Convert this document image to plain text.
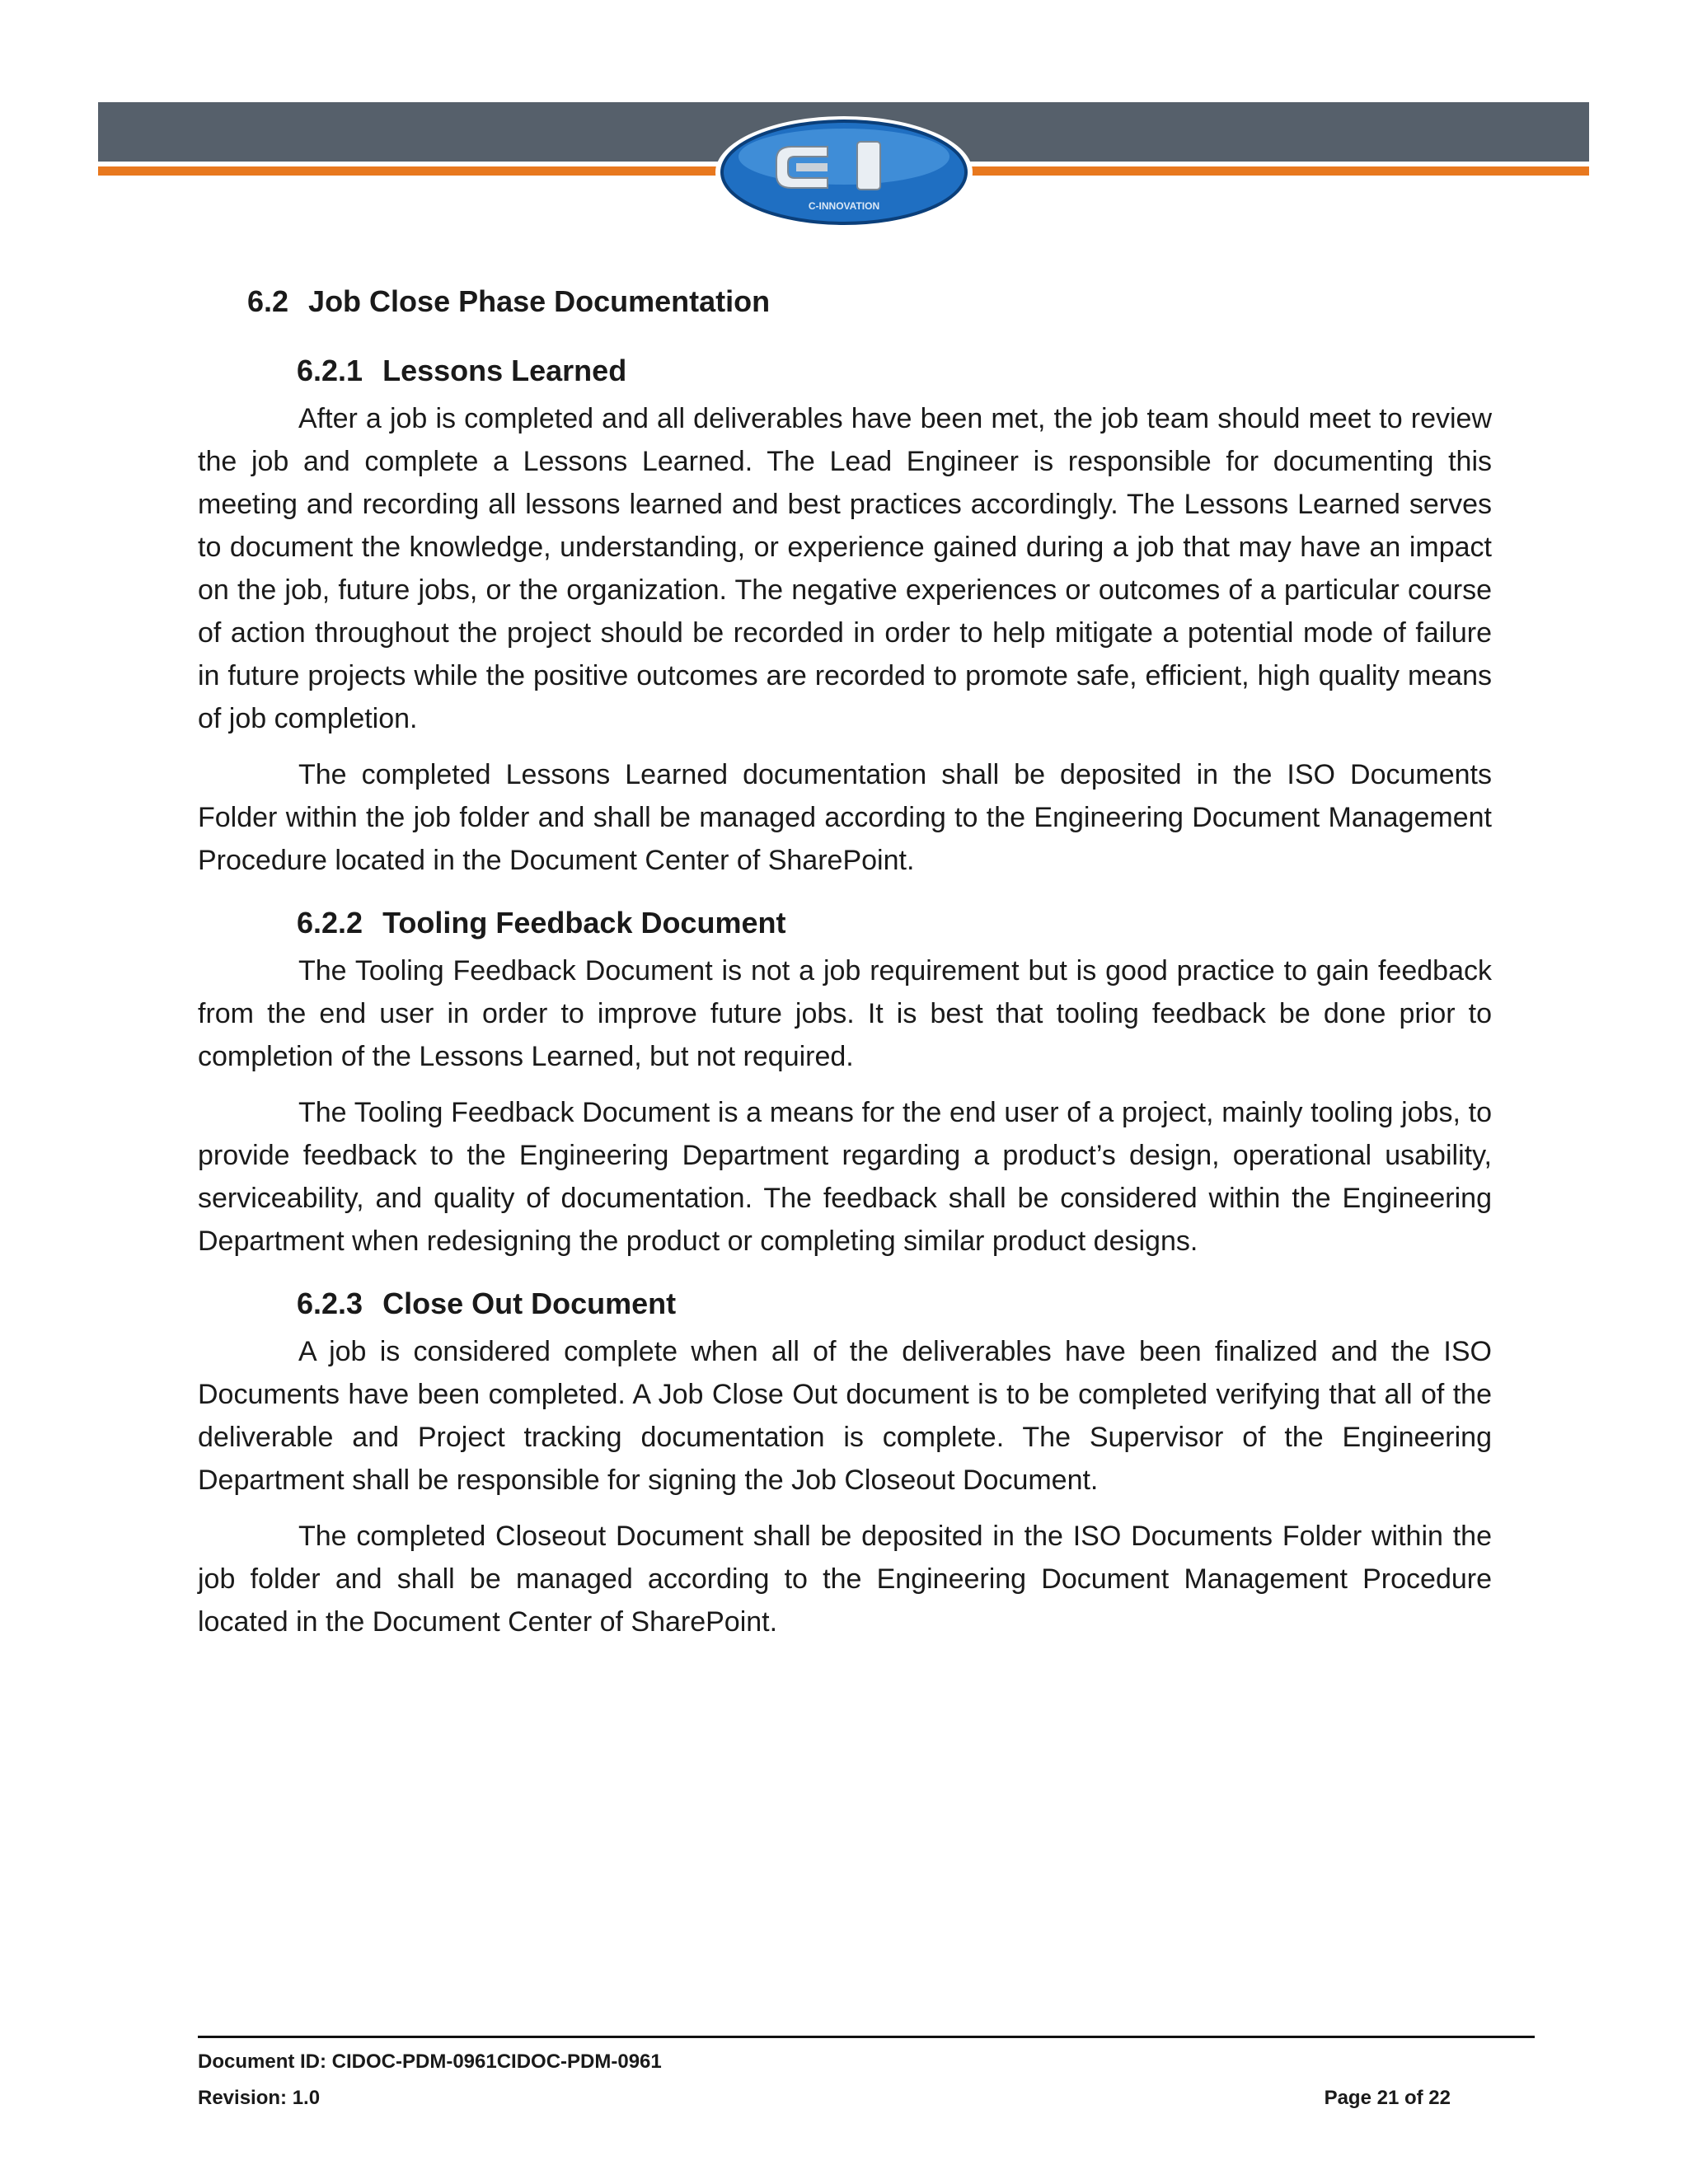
C-INNOVATION
6.2 Job Close Phase Documentation
6.2.1 Lessons Learned

After a job is completed and all deliverables have been met, the job team should meet to review the job and complete a Lessons Learned. The Lead Engineer is responsible for documenting this meeting and recording all lessons learned and best practices accordingly. The Lessons Learned serves to document the knowledge, understanding, or experience gained during a job that may have an impact on the job, future jobs, or the organization. The negative experiences or outcomes of a particular course of action throughout the project should be recorded in order to help mitigate a potential mode of failure in future projects while the positive outcomes are recorded to promote safe, efficient, high quality means of job completion.

The completed Lessons Learned documentation shall be deposited in the ISO Documents Folder within the job folder and shall be managed according to the Engineering Document Management Procedure located in the Document Center of SharePoint.

6.2.2 Tooling Feedback Document

The Tooling Feedback Document is not a job requirement but is good practice to gain feedback from the end user in order to improve future jobs. It is best that tooling feedback be done prior to completion of the Lessons Learned, but not required.

The Tooling Feedback Document is a means for the end user of a project, mainly tooling jobs, to provide feedback to the Engineering Department regarding a product’s design, operational usability, serviceability, and quality of documentation. The feedback shall be considered within the Engineering Department when redesigning the product or completing similar product designs.

6.2.3 Close Out Document

A job is considered complete when all of the deliverables have been finalized and the ISO Documents have been completed. A Job Close Out document is to be completed verifying that all of the deliverable and Project tracking documentation is complete. The Supervisor of the Engineering Department shall be responsible for signing the Job Closeout Document.

The completed Closeout Document shall be deposited in the ISO Documents Folder within the job folder and shall be managed according to the Engineering Document Management Procedure located in the Document Center of SharePoint.

Document ID: CIDOC-PDM-0961CIDOC-PDM-0961
Revision: 1.0	Page 21 of 22
